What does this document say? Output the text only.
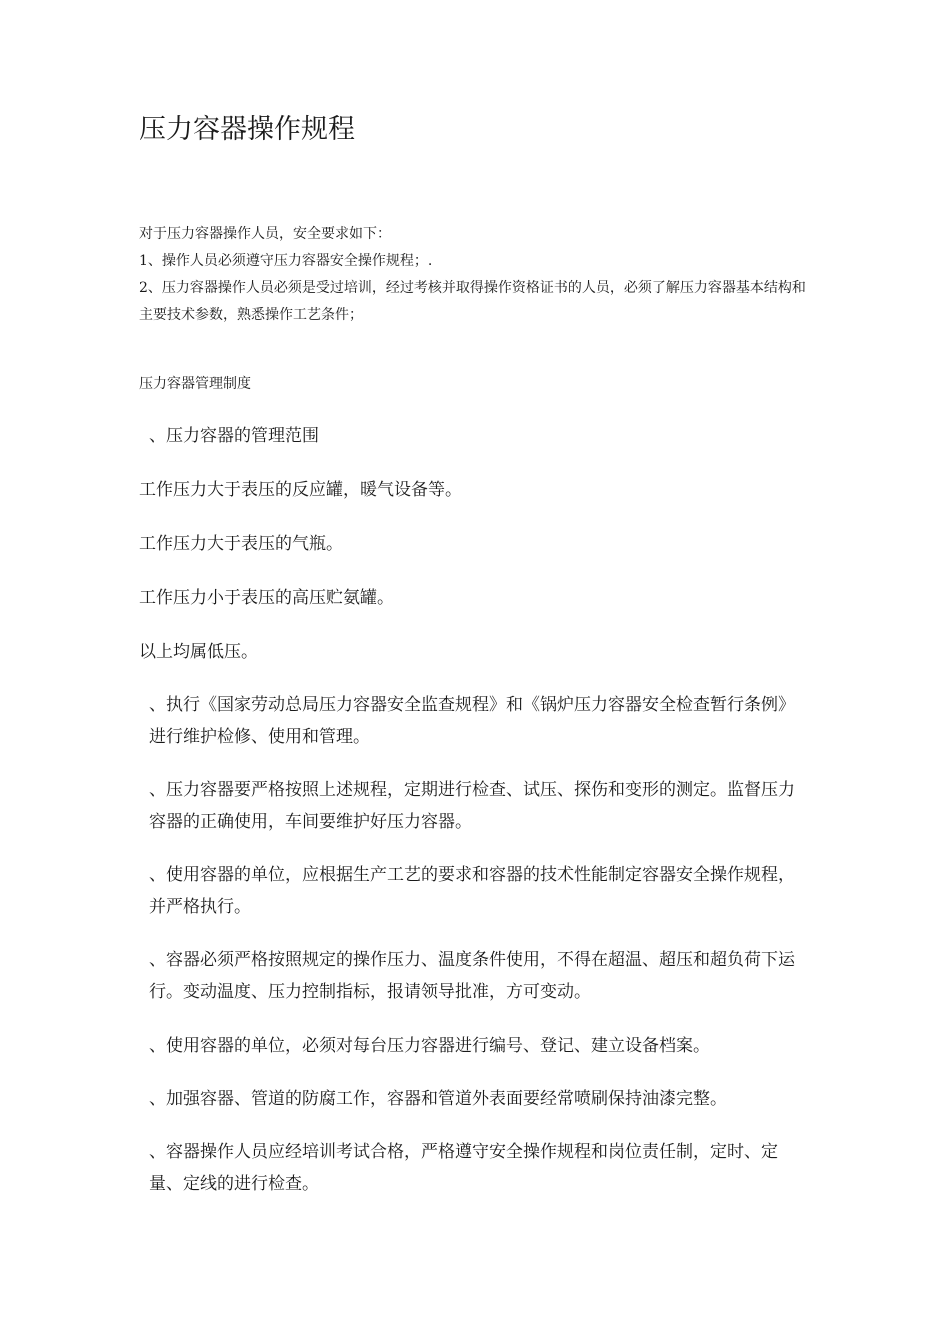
压力容器操作规程

对于压力容器操作人员，安全要求如下：

1、操作人员必须遵守压力容器安全操作规程；.

2、压力容器操作人员必须是受过培训，经过考核并取得操作资格证书的人员，必须了解压力容器基本结构和主要技术参数，熟悉操作工艺条件；

压力容器管理制度

、压力容器的管理范围

工作压力大于表压的反应罐，暖气设备等。

工作压力大于表压的气瓶。

工作压力小于表压的高压贮氨罐。

以上均属低压。

、执行《国家劳动总局压力容器安全监查规程》和《锅炉压力容器安全检查暂行条例》进行维护检修、使用和管理。

、压力容器要严格按照上述规程，定期进行检查、试压、探伤和变形的测定。监督压力容器的正确使用，车间要维护好压力容器。

、使用容器的单位，应根据生产工艺的要求和容器的技术性能制定容器安全操作规程，并严格执行。

、容器必须严格按照规定的操作压力、温度条件使用，不得在超温、超压和超负荷下运行。变动温度、压力控制指标，报请领导批准，方可变动。

、使用容器的单位，必须对每台压力容器进行编号、登记、建立设备档案。

、加强容器、管道的防腐工作，容器和管道外表面要经常喷刷保持油漆完整。

、容器操作人员应经培训考试合格，严格遵守安全操作规程和岗位责任制，定时、定量、定线的进行检查。
